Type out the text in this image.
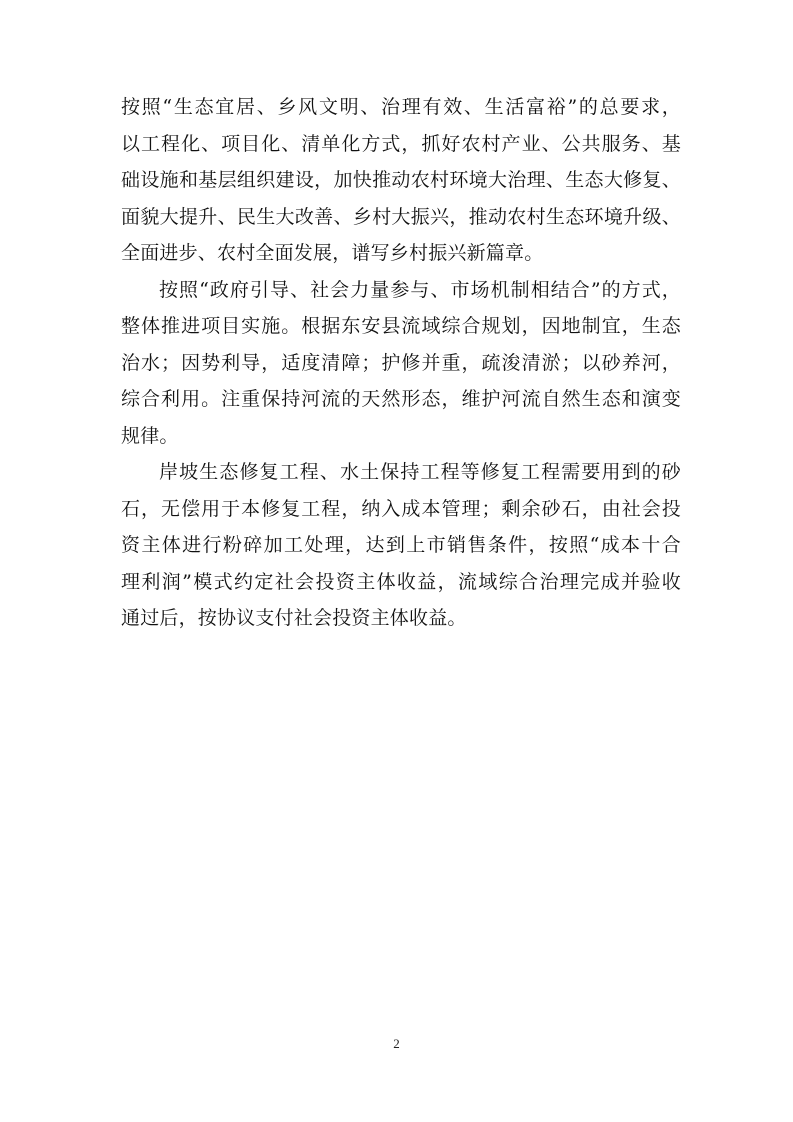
按照“生态宜居、乡风文明、治理有效、生活富裕”的总要求，
以工程化、项目化、清单化方式，抓好农村产业、公共服务、基
础设施和基层组织建设，加快推动农村环境大治理、生态大修复、
面貌大提升、民生大改善、乡村大振兴，推动农村生态环境升级、
全面进步、农村全面发展，谱写乡村振兴新篇章。
按照“政府引导、社会力量参与、市场机制相结合”的方式，
整体推进项目实施。根据东安县流域综合规划，因地制宜，生态
治水；因势利导，适度清障；护修并重，疏浚清淤；以砂养河，
综合利用。注重保持河流的天然形态，维护河流自然生态和演变
规律。
岸坡生态修复工程、水土保持工程等修复工程需要用到的砂
石，无偿用于本修复工程，纳入成本管理；剩余砂石，由社会投
资主体进行粉碎加工处理，达到上市销售条件，按照“成本十合
理利润”模式约定社会投资主体收益，流域综合治理完成并验收
通过后，按协议支付社会投资主体收益。
2
